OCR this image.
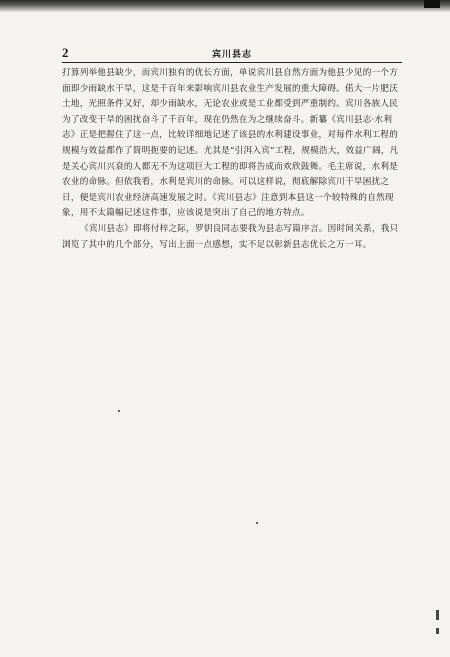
2	宾川县志

打算列举他县缺少，而宾川独有的优长方面，单说宾川县自然方面为他县少见的一个方
面即少雨缺水干旱，这是千百年来影响宾川县农业生产发展的重大障碍。偌大一片肥沃
土地，光照条件又好，却少雨缺水，无论农业或是工业都受到严重制约。宾川各族人民
为了改变干旱的困扰奋斗了千百年，现在仍然在为之继续奋斗。新纂《宾川县志·水利
志》正是把握住了这一点，比较详细地记述了该县的水利建设事业，对每件水利工程的
规模与效益都作了简明扼要的记述。尤其是“引洱入宾”工程，规模浩大，效益广阔，凡
是关心宾川兴衰的人都无不为这项巨大工程的即将告成而欢欣鼓舞。毛主席说，水利是
农业的命脉。但依我看，水利是宾川的命脉。可以这样说，彻底解除宾川干旱困扰之
日，便是宾川农业经济高速发展之时。《宾川县志》注意到本县这一个较特殊的自然现
象，用不太篇幅记述这件事，应该说是突出了自己的地方特点。

《宾川县志》即将付梓之际，罗钥良同志要我为县志写篇序言。因时间关系，我只
浏览了其中的几个部分，写出上面一点感想，实不足以彰新县志优长之万一耳。
